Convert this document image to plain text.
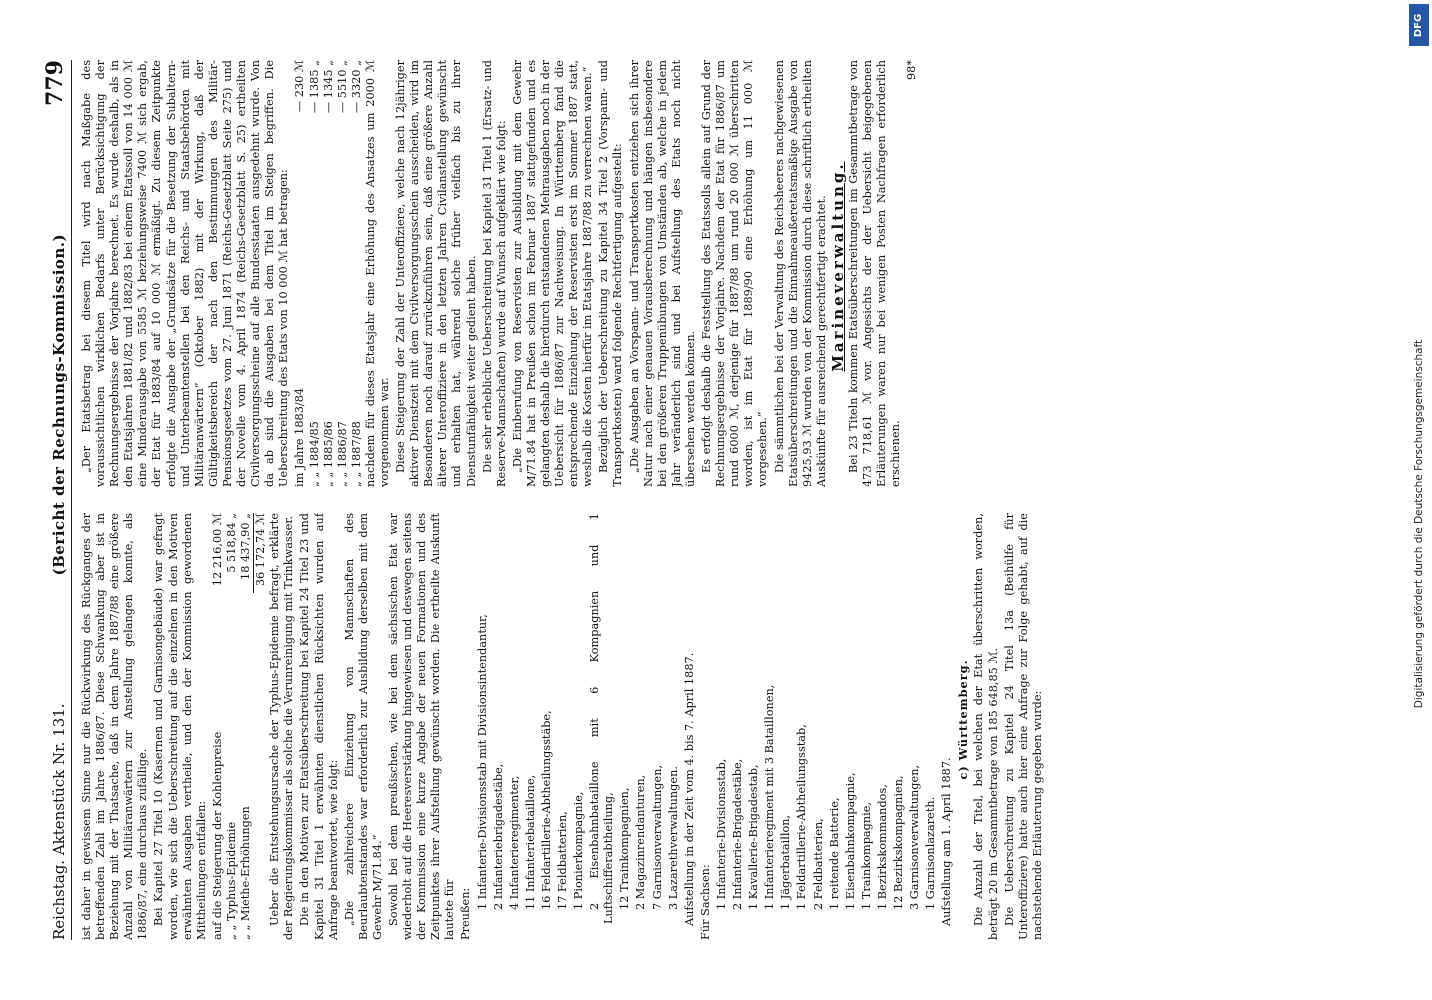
Reichstag. Aktenstück Nr. 131.
(Bericht der Rechnungs-Kommission.)
779

ist daher in gewissem Sinne nur die Rückwirkung des Rückganges der betreffenden Zahl im Jahre 1886/87. Diese Schwankung aber ist in Beziehung mit der Thatsache, daß in dem Jahre 1887/88 eine größere Anzahl von Militäranwärtern zur Anstellung gelangen konnte, als 1886/87, eine durchaus zufällige. Bei Kapitel 27 Titel 10 (Kasernen und Garnisongebäude) war gefragt worden, wie sich die Ueberschreitung auf die einzelnen in den Motiven erwähnten Ausgaben vertheile, und den der Kommission gewordenen Mittheilungen entfallen: auf die Steigerung der Kohlenpreise
12 216,00 ℳ
„ „ Typhus-Epidemie
5 518,84 „
„ „ Miethe-Erhöhungen
18 437,90 „ 36 172,74 ℳ Ueber die Entstehungsursache der Typhus-Epidemie befragt, erklärte der Regierungskommissar als solche die Verunreinigung mit Trinkwasser. Die in den Motiven zur Etatsüberschreitung bei Kapitel 24 Titel 23 und Kapitel 31 Titel 1 erwähnten dienstlichen Rücksichten wurden auf Anfrage beantwortet, wie folgt: „Die zahlreichere Einziehung von Mannschaften des Beurlaubtenstandes war erforderlich zur Ausbildung derselben mit dem Gewehr M/71.84.“ Sowohl bei dem preußischen, wie bei dem sächsischen Etat war wiederholt auf die Heeresverstärkung hingewiesen und deswegen seitens der Kommission eine kurze Angabe der neuen Formationen und des Zeitpunktes ihrer Aufstellung gewünscht worden. Die ertheilte Auskunft lautete für Preußen:

1 Infanterie-Divisionsstab mit Divisionsintendantur, 2 Infanteriebrigadestäbe, 4 Infanterieregimenter, 11 Infanteriebataillone, 16 Feldartillerie-Abtheilungsstäbe, 17 Feldbatterien, 1 Pionierkompagnie, 2 Eisenbahnbataillone mit 6 Kompagnien und 1 Luftschifferabtheilung, 12 Trainkompagnien, 2 Magazinrendanturen, 7 Garnisonverwaltungen, 3 Lazarethverwaltungen. Aufstellung in der Zeit vom 4. bis 7. April 1887. Für Sachsen: 1 Infanterie-Divisionsstab, 2 Infanterie-Brigadestäbe, 1 Kavallerie-Brigadestab, 1 Infanterieregiment mit 3 Bataillonen, 1 Jägerbataillon, 1 Feldartillerie-Abtheilungsstab, 2 Feldbatterien, 1 reitende Batterie, 1 Eisenbahnkompagnie, 1 Trainkompagnie, 1 Bezirkskommandos, 12 Bezirkskompagnien, 3 Garnisonverwaltungen, 1 Garnisonlazareth. Aufstellung am 1. April 1887.

c) Württemberg. Die Anzahl der Titel, bei welchen der Etat überschritten worden, beträgt 20 im Gesammtbetrage von 185 648,85 ℳ. Die Ueberschreitung zu Kapitel 24 Titel 13a (Beihülfe für Unteroffiziere) hatte auch hier eine Anfrage zur Folge gehabt, auf die nachstehende Erläuterung gegeben wurde:

„Der Etatsbetrag bei diesem Titel wird nach Maßgabe des voraussichtlichen wirklichen Bedarfs unter Berücksichtigung der Rechnungsergebnisse der Vorjahre berechnet. Es wurde deshalb, als in den Etatsjahren 1881/82 und 1882/83 bei einem Etatssoll von 14 000 ℳ eine Minderausgabe von 5585 ℳ beziehungsweise 7400 ℳ sich ergab, der Etat für 1883/84 auf 10 000 ℳ ermäßigt. Zu diesem Zeitpunkte erfolgte die Ausgabe der „Grundsätze für die Besetzung der Subaltern- und Unterbeamtenstellen bei den Reichs- und Staatsbehörden mit Militäranwärtern“ (Oktober 1882) mit der Wirkung, daß der Gültigkeitsbereich der nach den Bestimmungen des Militär-Pensionsgesetzes vom 27. Juni 1871 (Reichs-Gesetzblatt Seite 275) und der Novelle vom 4. April 1874 (Reichs-Gesetzblatt S. 25) ertheilten Civilversorgungsscheine auf alle Bundesstaaten ausgedehnt wurde. Von da ab sind die Ausgaben bei dem Titel im Steigen begriffen. Die Ueberschreitung des Etats von 10 000 ℳ hat betragen: im Jahre 1883/84
— 230 ℳ
„ „ 1884/85
— 1385 „
„ „ 1885/86
— 1345 „
„ „ 1886/87
— 5510 „
„ „ 1887/88
— 3320 „ nachdem für dieses Etatsjahr eine Erhöhung des Ansatzes um 2000 ℳ vorgenommen war. Diese Steigerung der Zahl der Unteroffiziere, welche nach 12jähriger aktiver Dienstzeit mit dem Civilversorgungsschein ausscheiden, wird im Besonderen noch darauf zurückzuführen sein, daß eine größere Anzahl älterer Unteroffiziere in den letzten Jahren Civilanstellung gewünscht und erhalten hat, während solche früher vielfach bis zu ihrer Dienstunfähigkeit weiter gedient haben. Die sehr erhebliche Ueberschreitung bei Kapitel 31 Titel 1 (Ersatz- und Reserve-Mannschaften) wurde auf Wunsch aufgeklärt wie folgt: „Die Einberufung von Reservisten zur Ausbildung mit dem Gewehr M/71.84 hat in Preußen schon im Februar 1887 stattgefunden und es gelangten deshalb die hierdurch entstandenen Mehrausgaben noch in der Uebersicht für 1886/87 zur Nachweisung. In Württemberg fand die entsprechende Einziehung der Reservisten erst im Sommer 1887 statt, weshalb die Kosten hierfür im Etatsjahre 1887/88 zu verrechnen waren.“ Bezüglich der Ueberschreitung zu Kapitel 34 Titel 2 (Vorspann- und Transportkosten) ward folgende Rechtfertigung aufgestellt: „Die Ausgaben an Vorspann- und Transportkosten entziehen sich ihrer Natur nach einer genauen Vorausberechnung und hängen insbesondere bei den größeren Truppenübungen von Umständen ab, welche in jedem Jahr veränderlich sind und bei Aufstellung des Etats noch nicht übersehen werden können. Es erfolgt deshalb die Feststellung des Etatssolls allein auf Grund der Rechnungsergebnisse der Vorjahre. Nachdem der Etat für 1886/87 um rund 6000 ℳ, derjenige für 1887/88 um rund 20 000 ℳ überschritten worden, ist im Etat für 1889/90 eine Erhöhung um 11 000 ℳ vorgesehen.“ Die sämmtlichen bei der Verwaltung des Reichsheeres nachgewiesenen Etatsüberschreitungen und die Einnahmeaußeretatsmäßige Ausgabe von 9425,93 ℳ wurden von der Kommission durch diese schriftlich ertheilten Auskünfte für ausreichend gerechtfertigt erachtet. Marineverwaltung. Bei 23 Titeln kommen Etatsüberschreitungen im Gesammtbetrage von 473 718,61 ℳ vor. Angesichts der der Uebersicht beigegebenen Erläuterungen waren nur bei wenigen Posten Nachfragen erforderlich erschienen.

98*

DFG
Digitalisierung gefördert durch die Deutsche Forschungsgemeinschaft
